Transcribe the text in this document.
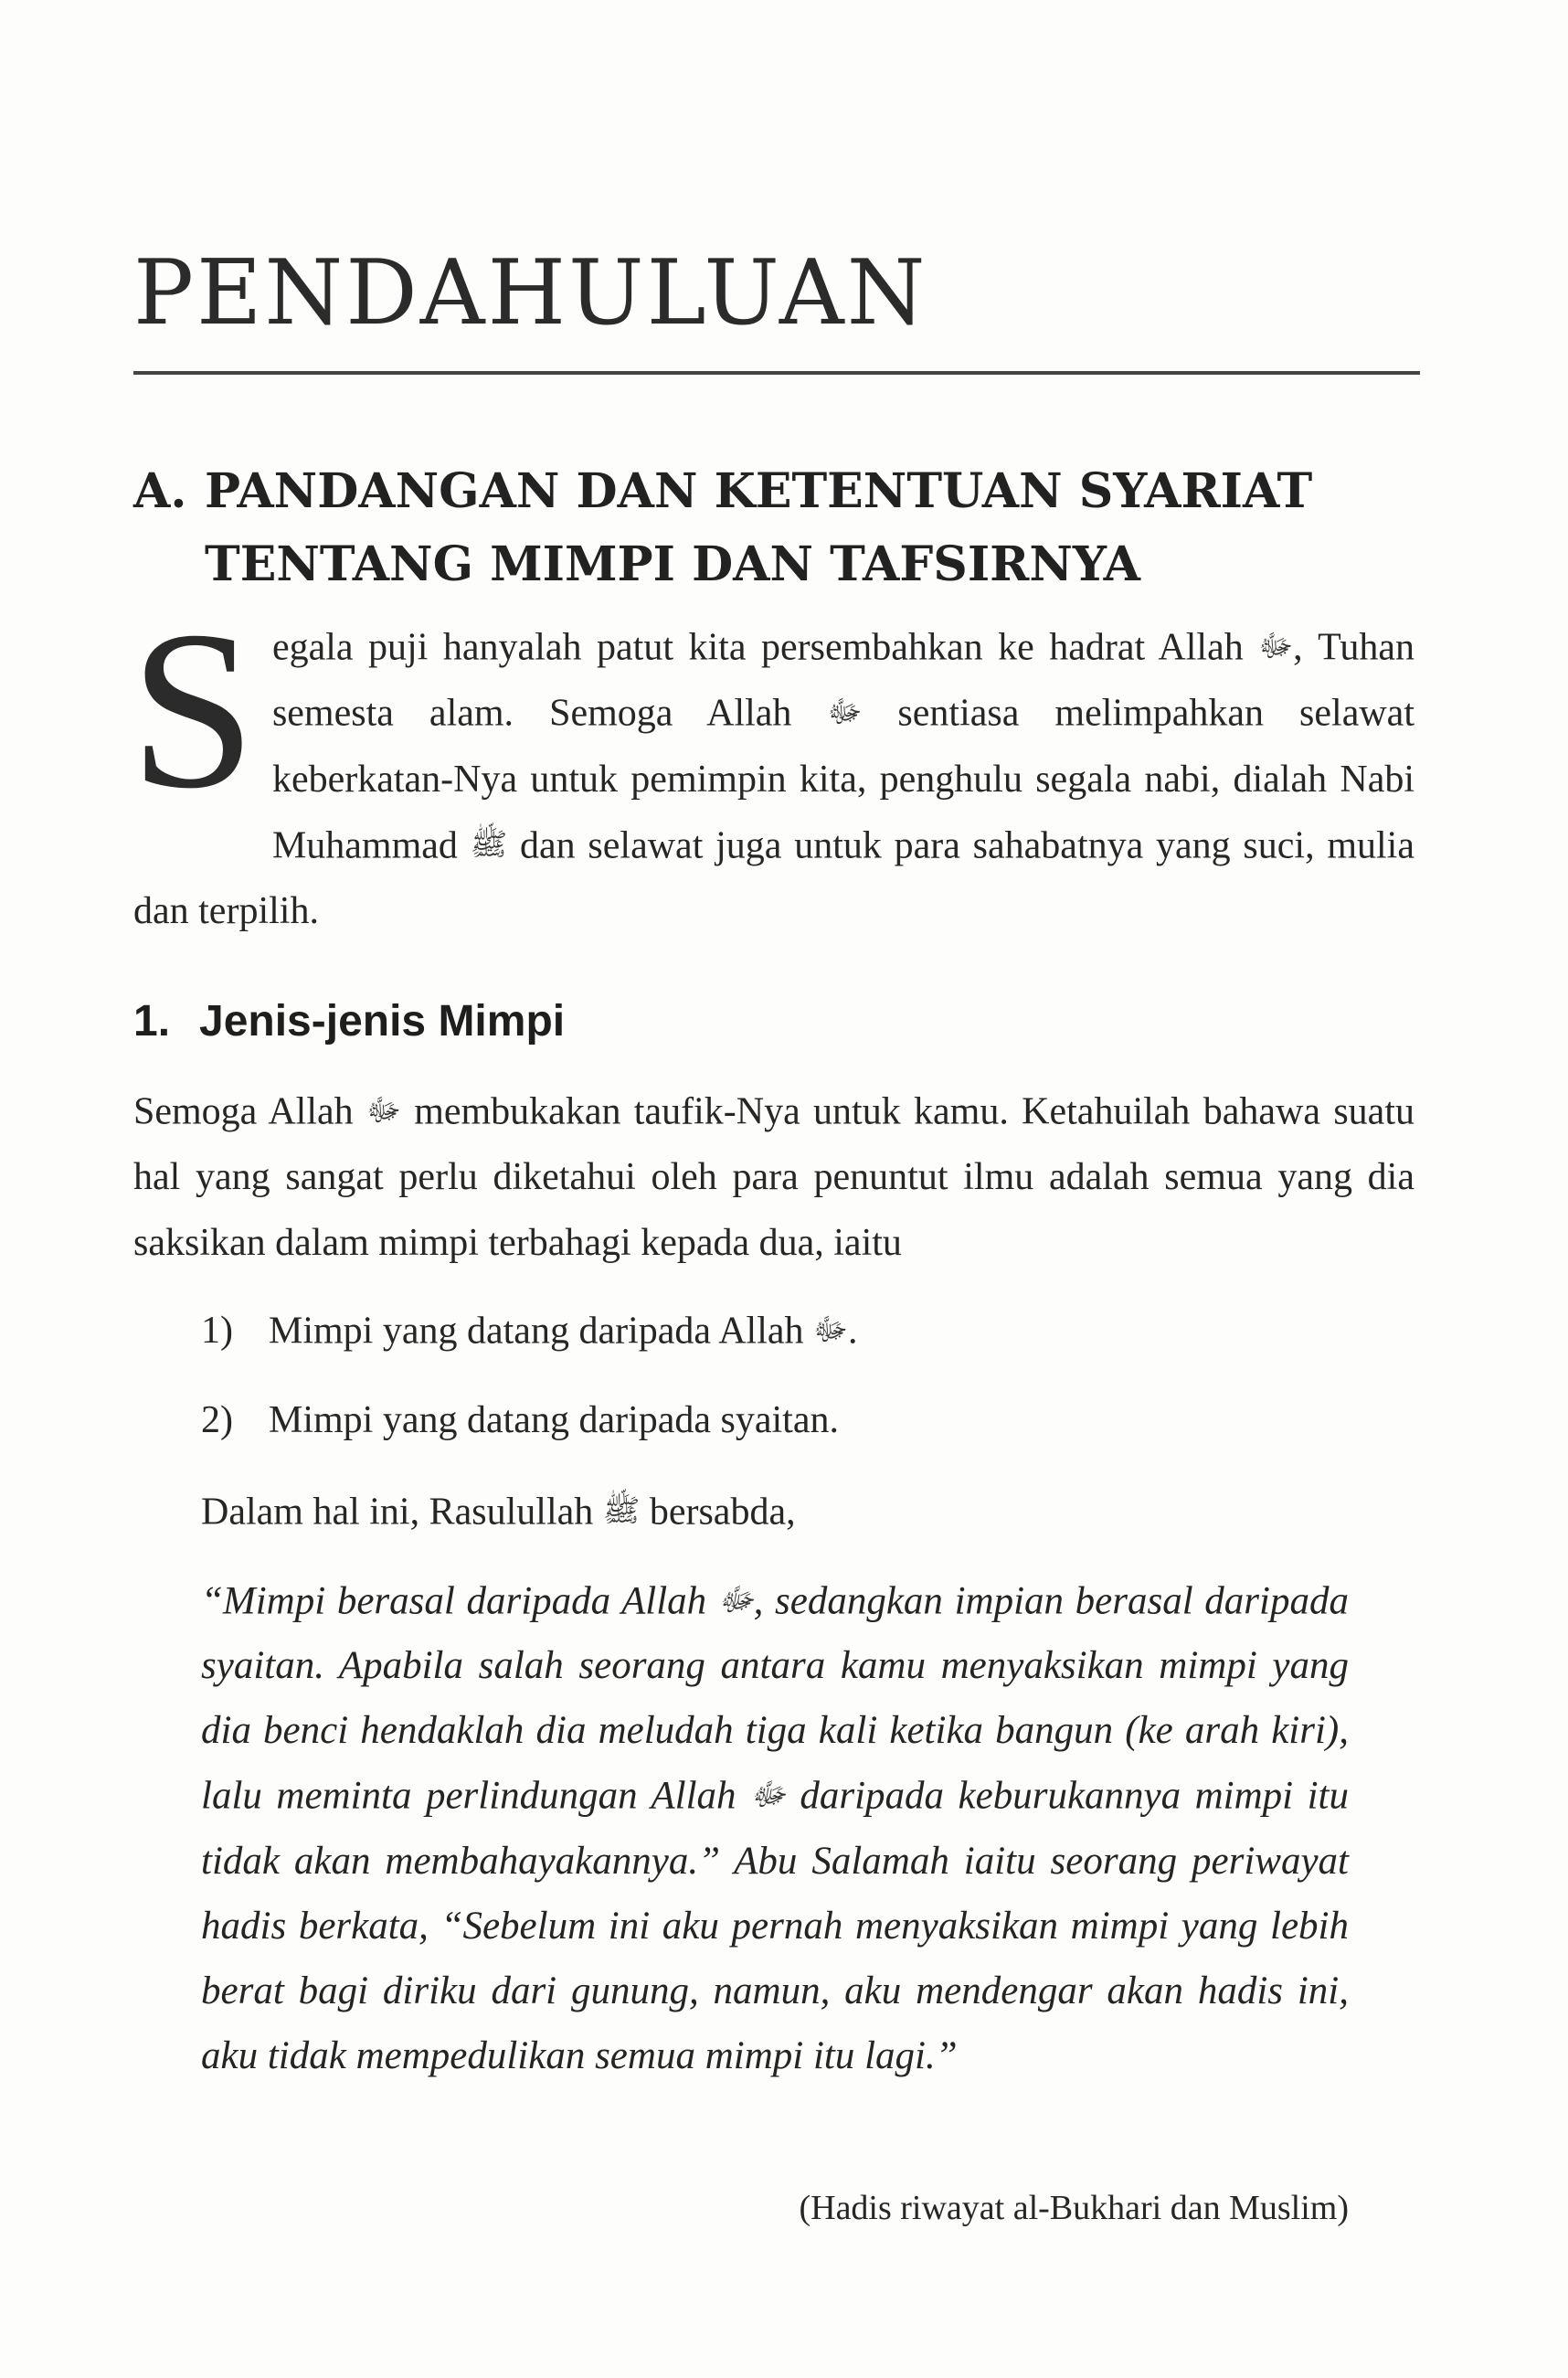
PENDAHULUAN
A. PANDANGAN DAN KETENTUAN SYARIAT
TENTANG MIMPI DAN TAFSIRNYA

Segala puji hanyalah patut kita persembahkan ke hadrat Allah ﷻ, Tuhan semesta alam. Semoga Allah ﷻ sentiasa melimpahkan selawat keberkatan-Nya untuk pemimpin kita, penghulu segala nabi, dialah Nabi Muhammad ﷺ dan selawat juga untuk para sahabatnya yang suci, mulia dan terpilih.

1. Jenis-jenis Mimpi

Semoga Allah ﷻ membukakan taufik-Nya untuk kamu. Ketahuilah bahawa suatu hal yang sangat perlu diketahui oleh para penuntut ilmu adalah semua yang dia saksikan dalam mimpi terbahagi kepada dua, iaitu

1) Mimpi yang datang daripada Allah ﷻ.
2) Mimpi yang datang daripada syaitan.

Dalam hal ini, Rasulullah ﷺ bersabda,

“Mimpi berasal daripada Allah ﷻ, sedangkan impian berasal daripada syaitan. Apabila salah seorang antara kamu menyaksikan mimpi yang dia benci hendaklah dia meludah tiga kali ketika bangun (ke arah kiri), lalu meminta perlindungan Allah ﷻ daripada keburukannya mimpi itu tidak akan membahayakannya.” Abu Salamah iaitu seorang periwayat hadis berkata, “Sebelum ini aku pernah menyaksikan mimpi yang lebih berat bagi diriku dari gunung, namun, aku mendengar akan hadis ini, aku tidak mempedulikan semua mimpi itu lagi.”

(Hadis riwayat al-Bukhari dan Muslim)
